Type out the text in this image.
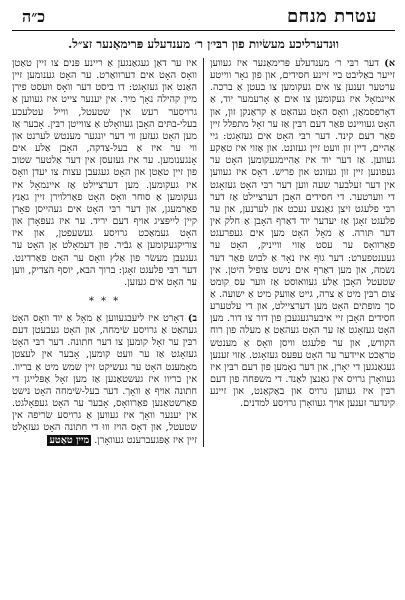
עטרת מנחם
כ״ה
ווּנדערליכע מעשׂיות פון רבּי׳ן ר׳ מענדעלע פּרימאַנער זצ״ל.

א) דער רבּי ר׳ מענדעלע פּרימאַנער איז געווען זייער באַליבט ביי זיינע חסידים, און פון גאָר ווייטע ערטער זענען צו אים געקומען צו בעטן אַ ברכה. איינמאָל איז געקומען צו אים אַ אָרעמער יוד, אַ דאָרפסמאַן, וואָס האָט געהאַט אַ קראַנקן זון, און האָט געוויינט פאַר דעם רבּין אַז ער זאָל מתפלל זיין פאַר דעם קינד. דער רבּי האָט אים געזאָגט: גיי אַהיים, דיין זון וועט זיין געזונט. און אַזוי איז טאַקע געווען. אַז דער יוד איז אַהיימגעקומען האָט ער געפונען זיין זון געזונט און פריש. דאָס איז געווען אין דער זעלבער שעה ווען דער רבּי האָט געזאָגט די ווערטער. די חסידים האָבן דערציילט אַז דער רבּי פלעגט זיצן גאַנצע נעכט און לערנען, און ער פלעגט זאָגן אַז יעדער יוד דאַרף האָבן אַ חלק אין דער תּורה. אַ מאָל האָט מען אים געפרעגט פאַרוואָס ער עסט אַזוי ווייניק, האָט ער געענטפערט: דער גוף איז נאָר אַ לבוש פאַר דער נשמה, און מען דאַרף אים נישט צופיל היטן. אין שטעטל האָבן אַלע געוואוסט אַז ווער עס קומט צום רבּין מיט אַ צרה, גייט אַוועק מיט אַ ישועה. אַ סך מופתים האָט מען דערציילט, און די עלטערע חסידים האָבן זיי איבערגעגעבן פון דור צו דור. מען האָט געזאָגט אַז ער האָט געהאַט אַ מעלה פון רוח הקודש, און ער פלעגט וויסן וואָס אַ מענטש טראַכט איידער ער האָט עפּעס געזאָגט. אַזוי זענען געגאַנגען די יאָרן, און דער נאָמען פון דעם רבּין איז געוואָרן גרויס אין גאַנצן לאַנד. די משפּחה פון דעם רבּין איז געווען גרויס און באַקאַנט, און זיינע קינדער זענען אויך געוואָרן גרויסע למדנים.

איז ער דאַן געגאַנגען אַ ריינע פּנים צו זיין טאַטן וואָס האָט אים דערוואַרט. ער האָט גענומען זיין האַנט און געזאָגט: דו ביסט דער וואָס וועסט פירן מיין קהילה נאָך מיר. אין יענער צייט איז געווען אַ גרויסער רעש אין שטעטל, ווייל עטלעכע בעלי-בתּים האָבן געוואָלט אַ צווייטן רבּין. אָבער אַז מען האָט געזען ווי דער יונגער מענטש לערנט און ווי ער איז אַ בעל-צדקה, האָבן אַלע אים אָנגענומען. ער איז געזעסן אין דער אַלטער שטוב פון זיין טאַטן און האָט געגעבן עצות צו יעדן וואָס איז געקומען. מען דערציילט אַז איינמאָל איז געקומען אַ סוחר וואָס האָט פאַרלוירן זיין גאַנץ פאַרמעגן, און דער רבּי האָט אים געהייסן פאָרן קיין לייפּציג אויף דעם יריד. ער איז געפאָרן און האָט געמאַכט גרויסע געשעפטן, און איז צוריקגעקומען אַ גבֿיר. פון דעמאָלט אָן האָט ער געגעבן מעשׂר פון אַלץ וואָס ער האָט פאַרדינט. דער רבּי פלעגט זאָגן: ברוך הבא, יוסף הצדיק, ווען ער האָט אים געזען.

* * *

ב) דאָרט איז ליעבגעווען אַ מאָל אַ יוד וואָס האָט געהאַט אַ גרויסע שׂימחה, און האָט געבעטן דעם רבּין ער זאָל קומען צו דער חתונה. דער רבּי האָט געזאָגט אַז ער וועט קומען, אָבער אין לעצטן מאָמענט האָט ער געשיקט זיין שמש מיט אַ בריוו. אין בריוו איז געשטאַנען אַז מען זאָל אָפּלייגן די חתונה אויף אַ וואָך. דער בעל-שׂימחה האָט נישט פאַרשטאַנען פאַרוואָס, אָבער ער האָט געפאָלגט. אין יענער וואָך איז געווען אַ גרויסע שׂריפה אין שטעטל, און דאָס הויז וווּ די חתונה האָט געזאָלט זיין איז אָפּגעברענט געוואָרן. מיין טאַטע
